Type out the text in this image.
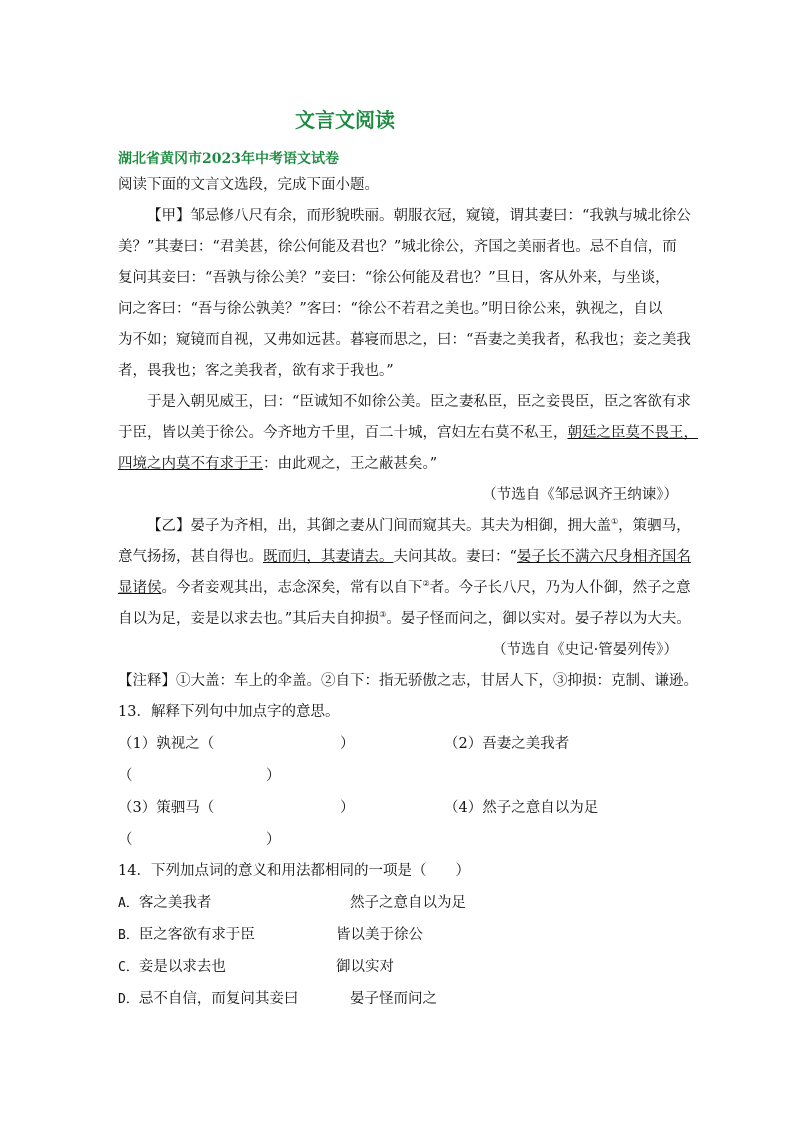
文言文阅读
湖北省黄冈市2023年中考语文试卷
阅读下面的文言文选段，完成下面小题。
【甲】邹忌修八尺有余，而形貌昳丽。朝服衣冠，窥镜，谓其妻曰：“我孰与城北徐公
美？”其妻曰：“君美甚，徐公何能及君也？”城北徐公，齐国之美丽者也。忌不自信，而
复问其妾曰：“吾孰与徐公美？”妾曰：“徐公何能及君也？”旦日，客从外来，与坐谈，
问之客曰：“吾与徐公孰美？”客曰：“徐公不若君之美也。”明日徐公来，孰视之，自以
为不如；窥镜而自视，又弗如远甚。暮寝而思之，曰：“吾妻之美我者，私我也；妾之美我
者，畏我也；客之美我者，欲有求于我也。”
于是入朝见威王，曰：“臣诚知不如徐公美。臣之妻私臣，臣之妾畏臣，臣之客欲有求
于臣，皆以美于徐公。今齐地方千里，百二十城，宫妇左右莫不私王，朝廷之臣莫不畏王，
四境之内莫不有求于王：由此观之，王之蔽甚矣。”
（节选自《邹忌讽齐王纳谏》）
【乙】晏子为齐相，出，其御之妻从门间而窥其夫。其夫为相御，拥大盖①，策驷马，
意气扬扬，甚自得也。既而归，其妻请去。夫问其故。妻曰：“晏子长不满六尺身相齐国名
显诸侯。今者妾观其出，志念深矣，常有以自下②者。今子长八尺，乃为人仆御，然子之意
自以为足，妾是以求去也。”其后夫自抑损③。晏子怪而问之，御以实对。晏子荐以为大夫。
（节选自《史记·管晏列传》）
【注释】①大盖：车上的伞盖。②自下：指无骄傲之志，甘居人下，③抑损：克制、谦逊。
13．解释下列句中加点字的意思。
（1）孰视之（	）	（2）吾妻之美我者
（	）
（3）策驷马（	）	（4）然子之意自以为足
（	）
14．下列加点词的意义和用法都相同的一项是（　　）
A．客之美我者	然子之意自以为足
B．臣之客欲有求于臣	皆以美于徐公
C．妾是以求去也	御以实对
D．忌不自信，而复问其妾曰	晏子怪而问之
